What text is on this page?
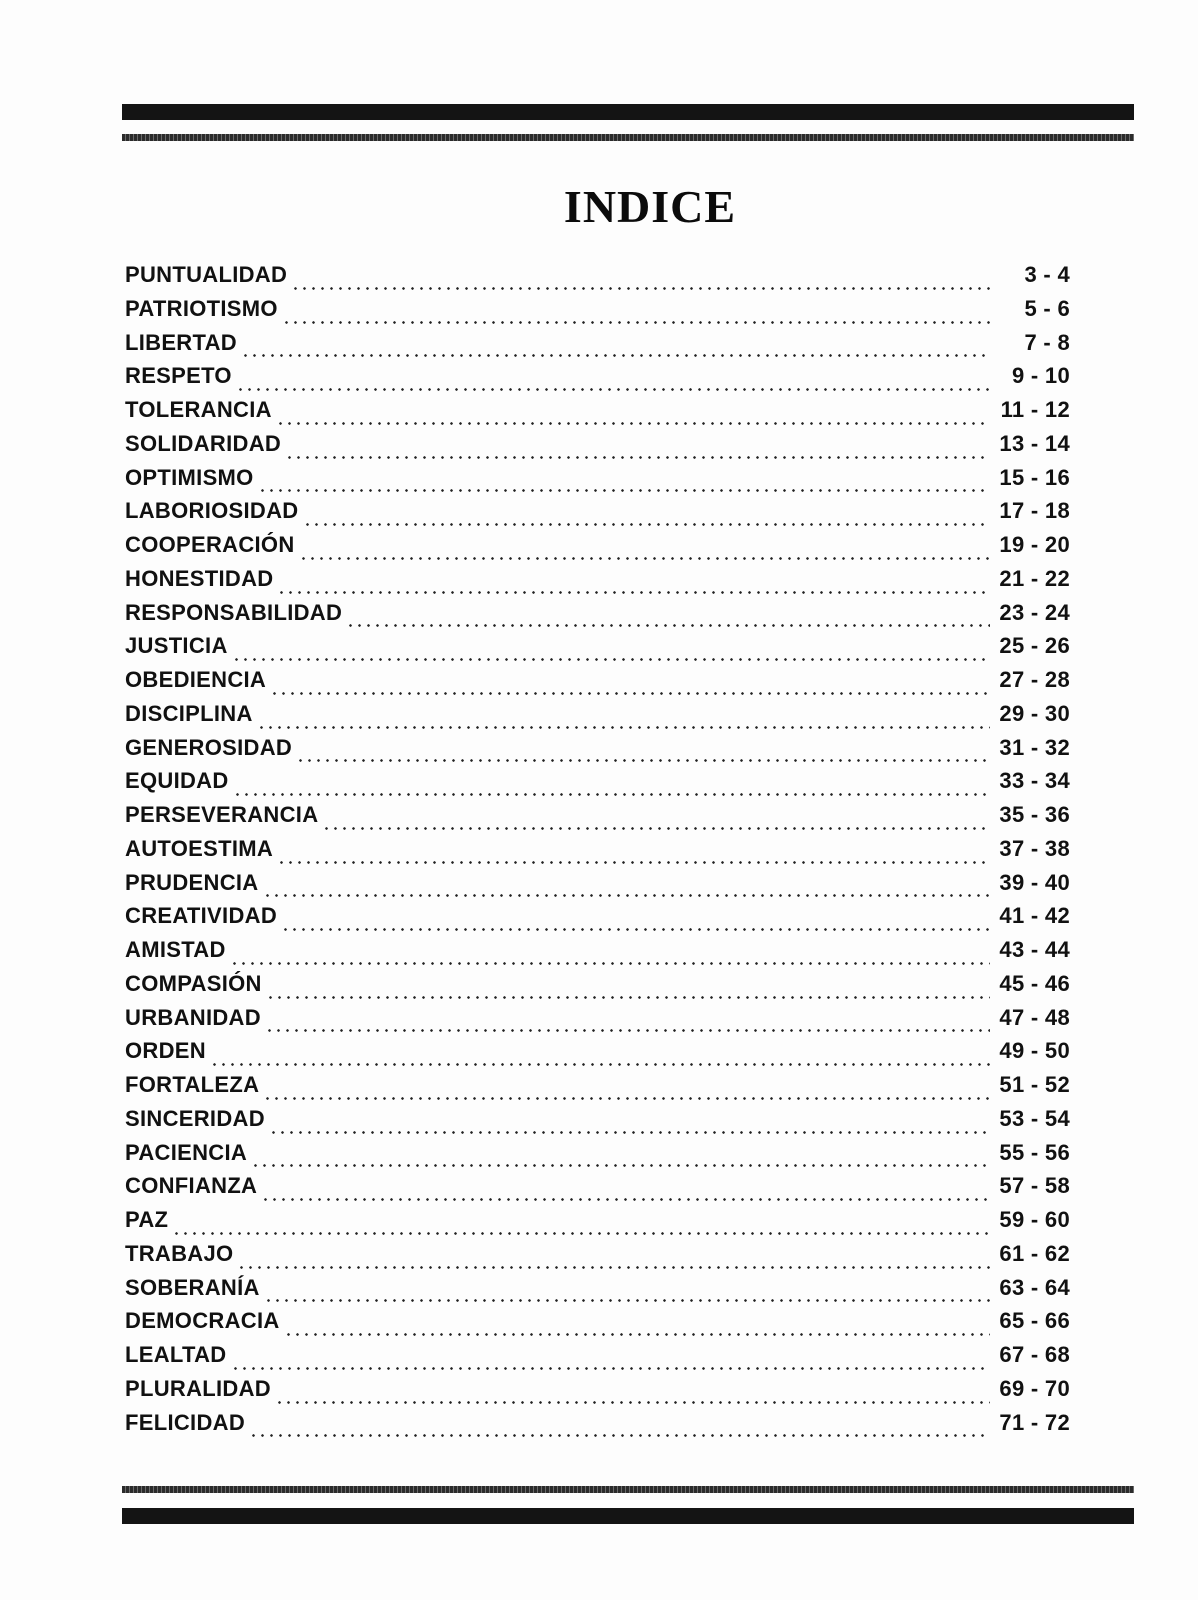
INDICE
PUNTUALIDAD	3 - 4
PATRIOTISMO	5 - 6
LIBERTAD	7 - 8
RESPETO	9 - 10
TOLERANCIA	11 - 12
SOLIDARIDAD	13 - 14
OPTIMISMO	15 - 16
LABORIOSIDAD	17 - 18
COOPERACIÓN	19 - 20
HONESTIDAD	21 - 22
RESPONSABILIDAD	23 - 24
JUSTICIA	25 - 26
OBEDIENCIA	27 - 28
DISCIPLINA	29 - 30
GENEROSIDAD	31 - 32
EQUIDAD	33 - 34
PERSEVERANCIA	35 - 36
AUTOESTIMA	37 - 38
PRUDENCIA	39 - 40
CREATIVIDAD	41 - 42
AMISTAD	43 - 44
COMPASIÓN	45 - 46
URBANIDAD	47 - 48
ORDEN	49 - 50
FORTALEZA	51 - 52
SINCERIDAD	53 - 54
PACIENCIA	55 - 56
CONFIANZA	57 - 58
PAZ	59 - 60
TRABAJO	61 - 62
SOBERANÍA	63 - 64
DEMOCRACIA	65 - 66
LEALTAD	67 - 68
PLURALIDAD	69 - 70
FELICIDAD	71 - 72
